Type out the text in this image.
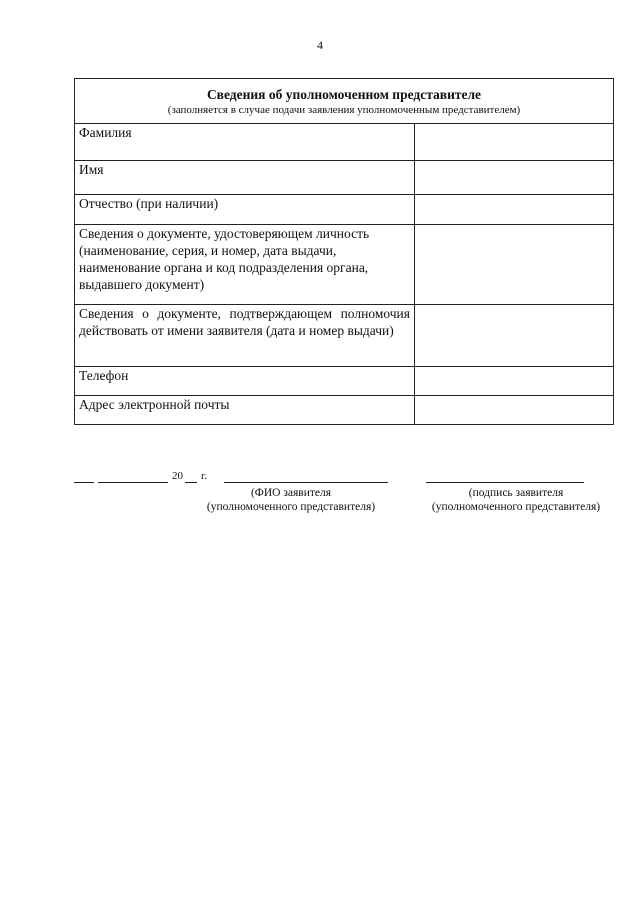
4
Сведения об уполномоченном представителе
(заполняется в случае подачи заявления уполномоченным представителем)	

Фамилия	
Имя	
Отчество (при наличии)	
Сведения о документе, удостоверяющем личность (наименование, серия, и номер, дата выдачи, наименование органа и код подразделения органа, выдавшего документ)	
Сведения о документе, подтверждающем полномочия действовать от имени заявителя (дата и номер выдачи)	
Телефон	
Адрес электронной почты	
20 г.
(ФИО заявителя
(уполномоченного представителя)
(подпись заявителя
(уполномоченного представителя)
